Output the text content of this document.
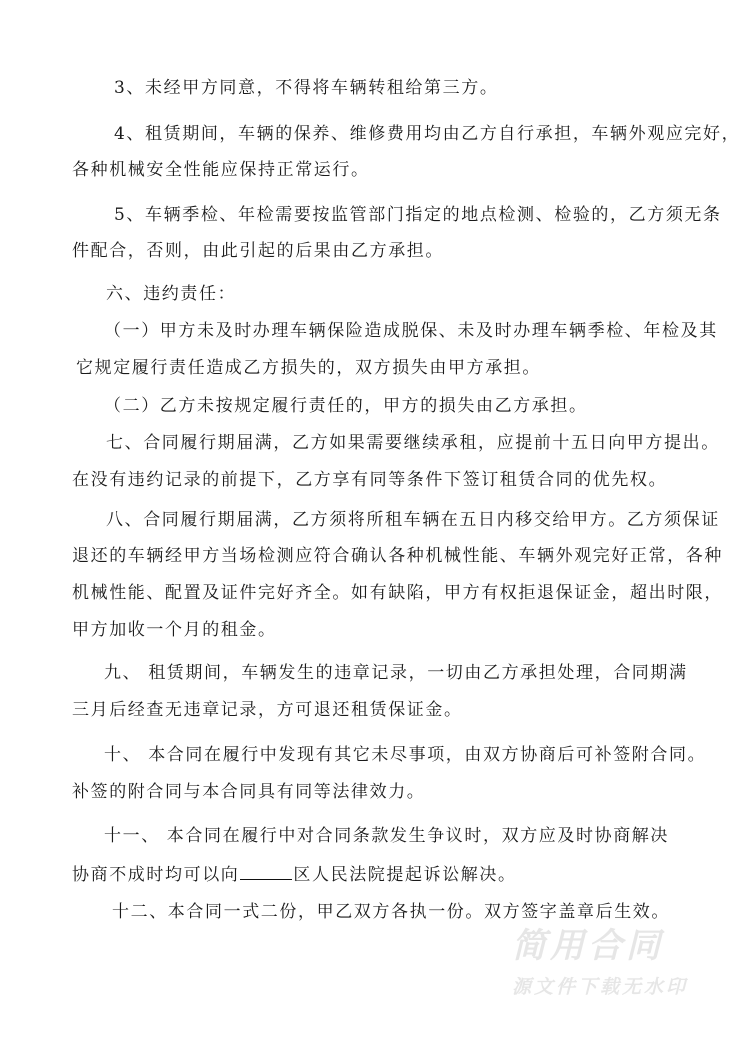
3、未经甲方同意，不得将车辆转租给第三方。
4、租赁期间，车辆的保养、维修费用均由乙方自行承担，车辆外观应完好，
各种机械安全性能应保持正常运行。
5、车辆季检、年检需要按监管部门指定的地点检测、检验的，乙方须无条
件配合，否则，由此引起的后果由乙方承担。
六、违约责任：
（一）甲方未及时办理车辆保险造成脱保、未及时办理车辆季检、年检及其
它规定履行责任造成乙方损失的，双方损失由甲方承担。
（二）乙方未按规定履行责任的，甲方的损失由乙方承担。
七、合同履行期届满，乙方如果需要继续承租，应提前十五日向甲方提出。
在没有违约记录的前提下，乙方享有同等条件下签订租赁合同的优先权。
八、合同履行期届满，乙方须将所租车辆在五日内移交给甲方。乙方须保证
退还的车辆经甲方当场检测应符合确认各种机械性能、车辆外观完好正常，各种
机械性能、配置及证件完好齐全。如有缺陷，甲方有权拒退保证金，超出时限，
甲方加收一个月的租金。
九、 租赁期间，车辆发生的违章记录，一切由乙方承担处理，合同期满
三月后经查无违章记录，方可退还租赁保证金。
十、 本合同在履行中发现有其它未尽事项，由双方协商后可补签附合同。
补签的附合同与本合同具有同等法律效力。
十一、 本合同在履行中对合同条款发生争议时，双方应及时协商解决
协商不成时均可以向	区人民法院提起诉讼解决。
十二、本合同一式二份，甲乙双方各执一份。双方签字盖章后生效。
简用合同
源文件下载无水印
